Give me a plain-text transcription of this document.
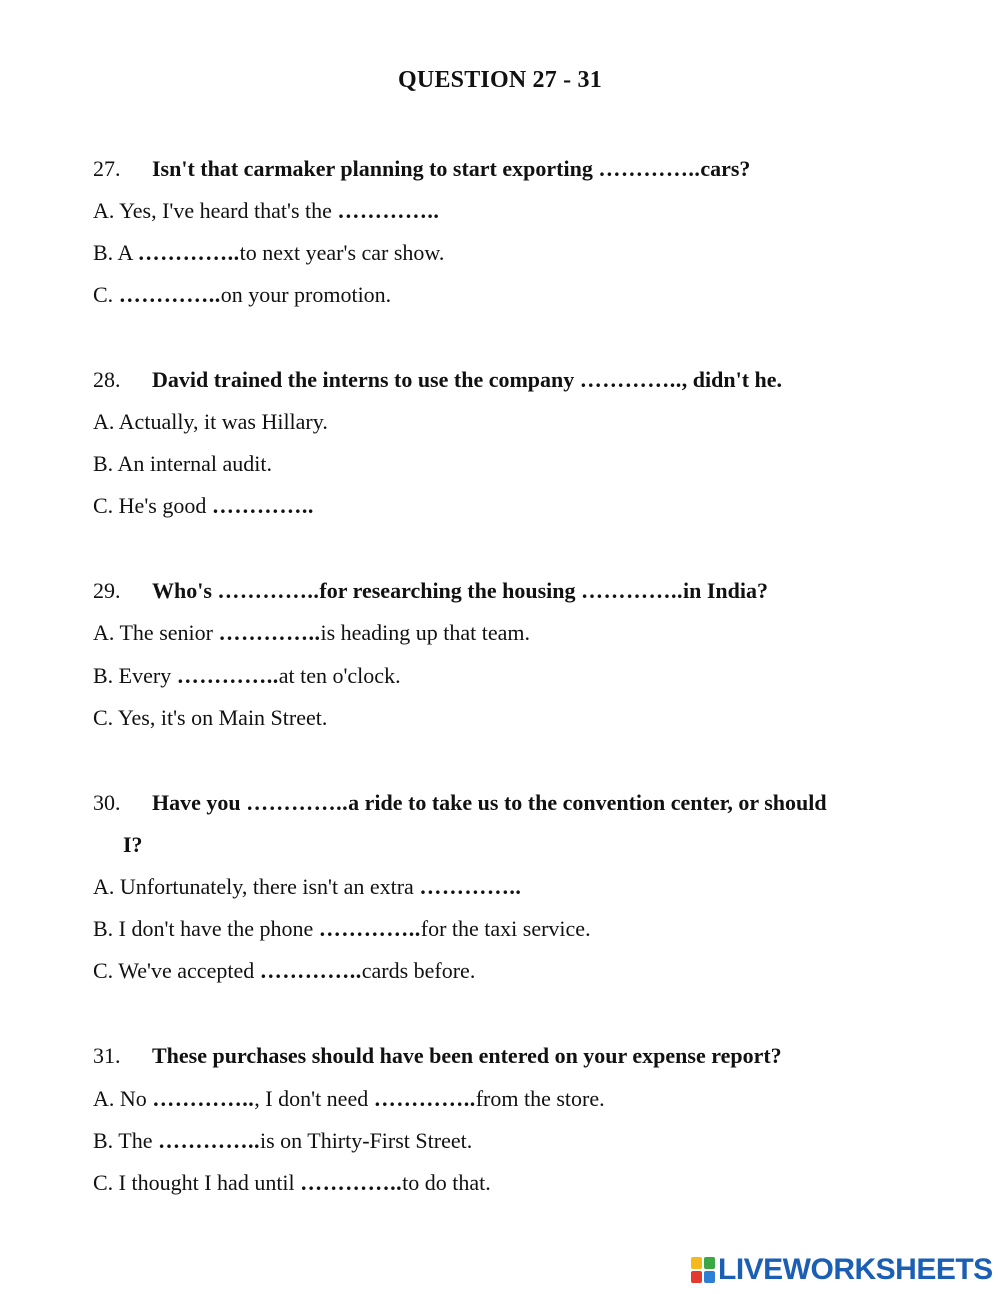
QUESTION 27 - 31
27. Isn't that carmaker planning to start exporting …………..cars?
A. Yes, I've heard that's the …………..
B. A …………..to next year's car show.
C. …………..on your promotion.
28. David trained the interns to use the company ………….., didn't he.
A. Actually, it was Hillary.
B. An internal audit.
C. He's good …………..
29. Who's …………..for researching the housing …………..in India?
A. The senior …………..is heading up that team.
B. Every …………..at ten o'clock.
C. Yes, it's on Main Street.
30. Have you …………..a ride to take us to the convention center, or should
I?
A. Unfortunately, there isn't an extra …………..
B. I don't have the phone …………..for the taxi service.
C. We've accepted …………..cards before.
31. These purchases should have been entered on your expense report?
A. No ………….., I don't need …………..from the store.
B. The …………..is on Thirty-First Street.
C. I thought I had until …………..to do that.
LIVEWORKSHEETS
